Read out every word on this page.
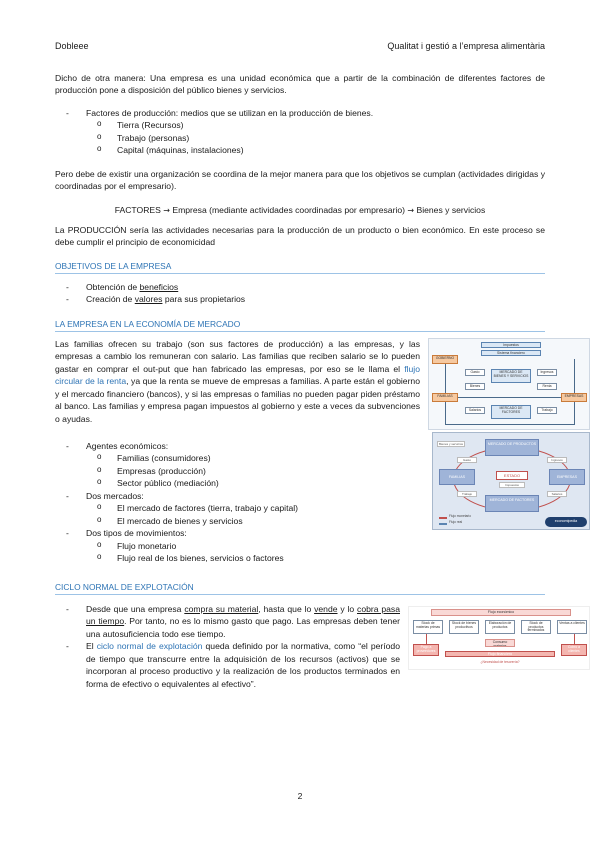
Dobleee	Qualitat i gestió a l’empresa alimentària
Dicho de otra manera: Una empresa es una unidad económica que a partir de la combinación de diferentes factores de producción pone a disposición del público bienes y servicios.
- Factores de producción: medios que se utilizan en la producción de bienes.
o Tierra (Recursos)
o Trabajo (personas)
o Capital (máquinas, instalaciones)
Pero debe de existir una organización se coordina de la mejor manera para que los objetivos se cumplan (actividades dirigidas y coordinadas por el empresario).
FACTORES → Empresa (mediante actividades coordinadas por empresario) → Bienes y servicios
La PRODUCCIÓN sería las actividades necesarias para la producción de un producto o bien económico. En este proceso se debe cumplir el principio de economicidad
OBJETIVOS DE LA EMPRESA
- Obtención de beneficios
- Creación de valores para sus propietarios
LA EMPRESA EN LA ECONOMÍA DE MERCADO
Las familias ofrecen su trabajo (son sus factores de producción) a las empresas, y las empresas a cambio los remuneran con salario. Las familias que reciben salario se lo pueden gastar en comprar el out-put que han fabricado las empresas, por eso se le llama el flujo circular de la renta, ya que la renta se mueve de empresas a familias. A parte están el gobierno y el mercado financiero (bancos), y si las empresas o familias no pueden pagar piden préstamo al banco. Las familias y empresa pagan impuestos al gobierno y este a veces da subvenciones o ayudas.
- Agentes económicos:
o Familias (consumidores)
o Empresas (producción)
o Sector público (mediación)
- Dos mercados:
o El mercado de factores (tierra, trabajo y capital)
o El mercado de bienes y servicios
- Dos tipos de movimientos:
o Flujo monetario
o Flujo real de los bienes, servicios o factores
Impuestos
Sistema financiero
GOBIERNO
FAMILIAS	EMPRESAS
MERCADO DE BIENES Y SERVICIOS
MERCADO DE FACTORES
Gasto	Ingresos
Salarios	Trabajo
Bienes	Renta
MERCADO DE PRODUCTOS
MERCADO DE FACTORES
FAMILIAS	EMPRESAS
ESTADO
Bienes y servicios
Gasto	Ingresos
Trabajo	Salarios
Impuestos
Flujo monetario
Flujo real	economipedia
CICLO NORMAL DE EXPLOTACIÓN
- Desde que una empresa compra su material, hasta que lo vende y lo cobra pasa un tiempo. Por tanto, no es lo mismo gasto que pago. Las empresas deben tener una autosuficiencia todo ese tiempo.
- El ciclo normal de explotación queda definido por la normativa, como “el período de tiempo que transcurre entre la adquisición de los recursos (activos) que se incorporan al proceso productivo y la realización de los productos terminados en forma de efectivo o equivalentes al efectivo”.
Flujo económico
Stock de materias primas
Stock de bienes productivos
Elaboración de productos
Stock de productos terminados
Ventas a clientes
Pago a proveedores
Cobro a clientes
Consumo materias
Flujo financiero
¿Necesidad de tesorería?
2
